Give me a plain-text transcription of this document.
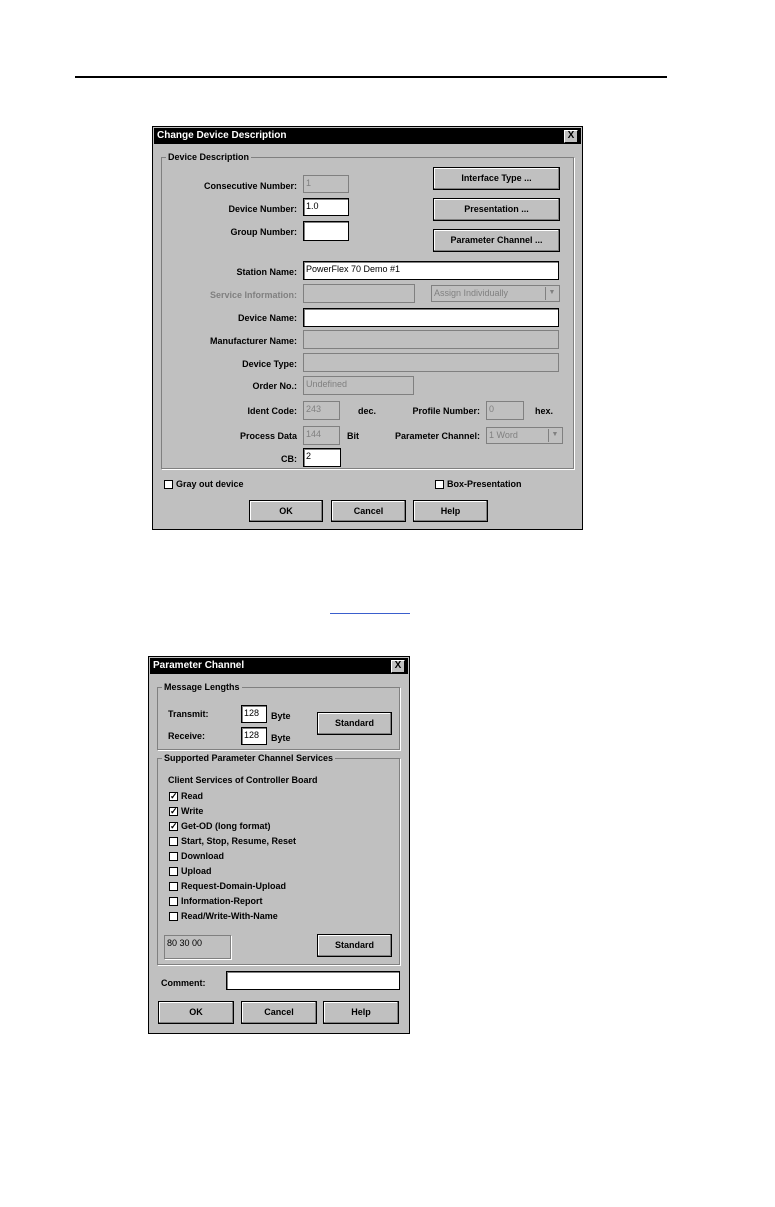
Change Device Description	X
Device Description
Consecutive Number:	1
Device Number:	1.0
Group Number:
Interface Type ...
Presentation ...
Parameter Channel ...
Station Name:	PowerFlex 70 Demo #1
Service Information:	Assign Individually	▼
Device Name:
Manufacturer Name:
Device Type:
Order No.:	Undefined
Ident Code:	243	dec.	Profile Number:	0	hex.
Process Data	144	Bit	Parameter Channel:	1 Word	▼
CB:	2
Gray out device	Box-Presentation
OK	Cancel	Help
Parameter Channel	X
Message Lengths
Transmit:	128	Byte
Receive:	128	Byte
Standard
Supported Parameter Channel Services
Client Services of Controller Board
✓ Read
✓ Write
✓ Get-OD (long format)
Start, Stop, Resume, Reset
Download
Upload
Request-Domain-Upload
Information-Report
Read/Write-With-Name
80 30 00	Standard
Comment:
OK	Cancel	Help
